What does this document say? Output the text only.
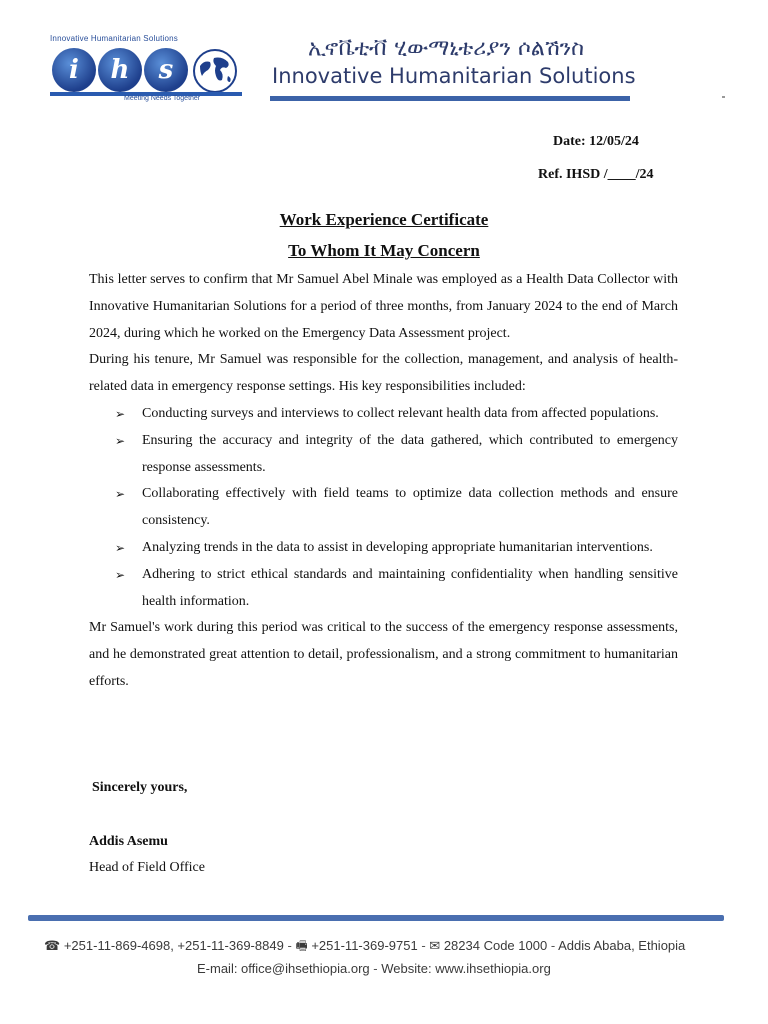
Innovative Humanitarian Solutions
i	h	s
Meeting Needs Together
ኢኖቬቲቭ ሂውማኒቴሪያን ሶልሽንስ
Innovative Humanitarian Solutions
Date: 12/05/24
Ref. IHSD /____/24
Work Experience Certificate
To Whom It May Concern

This letter serves to confirm that Mr Samuel Abel Minale was employed as a Health Data Collector with Innovative Humanitarian Solutions for a period of three months, from January 2024 to the end of March 2024, during which he worked on the Emergency Data Assessment project.

During his tenure, Mr Samuel was responsible for the collection, management, and analysis of health-related data in emergency response settings. His key responsibilities included:

➢ Conducting surveys and interviews to collect relevant health data from affected populations.
➢ Ensuring the accuracy and integrity of the data gathered, which contributed to emergency response assessments.
➢ Collaborating effectively with field teams to optimize data collection methods and ensure consistency.
➢ Analyzing trends in the data to assist in developing appropriate humanitarian interventions.
➢ Adhering to strict ethical standards and maintaining confidentiality when handling sensitive health information.

Mr Samuel's work during this period was critical to the success of the emergency response assessments, and he demonstrated great attention to detail, professionalism, and a strong commitment to humanitarian efforts.

Sincerely yours,
Addis Asemu
Head of Field Office
☎ +251-11-869-4698, +251-11-369-8849 - 🖷 +251-11-369-9751 - ✉ 28234 Code 1000 - Addis Ababa, Ethiopia
E-mail: office@ihsethiopia.org - Website: www.ihsethiopia.org
